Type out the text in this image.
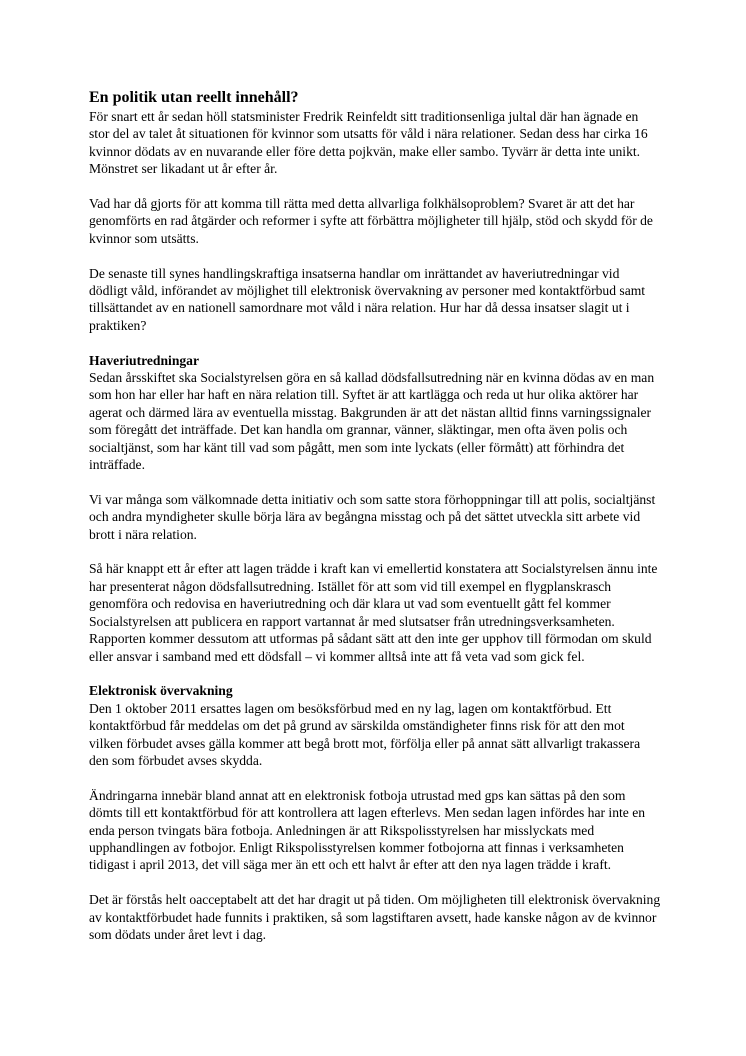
En politik utan reellt innehåll?

För snart ett år sedan höll statsminister Fredrik Reinfeldt sitt traditionsenliga jultal där han ägnade en stor del av talet åt situationen för kvinnor som utsatts för våld i nära relationer. Sedan dess har cirka 16 kvinnor dödats av en nuvarande eller före detta pojkvän, make eller sambo. Tyvärr är detta inte unikt. Mönstret ser likadant ut år efter år.

Vad har då gjorts för att komma till rätta med detta allvarliga folkhälsoproblem? Svaret är att det har genomförts en rad åtgärder och reformer i syfte att förbättra möjligheter till hjälp, stöd och skydd för de kvinnor som utsätts.

De senaste till synes handlingskraftiga insatserna handlar om inrättandet av haveriutredningar vid dödligt våld, införandet av möjlighet till elektronisk övervakning av personer med kontaktförbud samt tillsättandet av en nationell samordnare mot våld i nära relation. Hur har då dessa insatser slagit ut i praktiken?

Haveriutredningar

Sedan årsskiftet ska Socialstyrelsen göra en så kallad dödsfallsutredning när en kvinna dödas av en man som hon har eller har haft en nära relation till. Syftet är att kartlägga och reda ut hur olika aktörer har agerat och därmed lära av eventuella misstag. Bakgrunden är att det nästan alltid finns varningssignaler som föregått det inträffade. Det kan handla om grannar, vänner, släktingar, men ofta även polis och socialtjänst, som har känt till vad som pågått, men som inte lyckats (eller förmått) att förhindra det inträffade.

Vi var många som välkomnade detta initiativ och som satte stora förhoppningar till att polis, socialtjänst och andra myndigheter skulle börja lära av begångna misstag och på det sättet utveckla sitt arbete vid brott i nära relation.

Så här knappt ett år efter att lagen trädde i kraft kan vi emellertid konstatera att Socialstyrelsen ännu inte har presenterat någon dödsfallsutredning. Istället för att som vid till exempel en flygplanskrasch genomföra och redovisa en haveriutredning och där klara ut vad som eventuellt gått fel kommer Socialstyrelsen att publicera en rapport vartannat år med slutsatser från utredningsverksamheten. Rapporten kommer dessutom att utformas på sådant sätt att den inte ger upphov till förmodan om skuld eller ansvar i samband med ett dödsfall – vi kommer alltså inte att få veta vad som gick fel.

Elektronisk övervakning

Den 1 oktober 2011 ersattes lagen om besöksförbud med en ny lag, lagen om kontaktförbud. Ett kontaktförbud får meddelas om det på grund av särskilda omständigheter finns risk för att den mot vilken förbudet avses gälla kommer att begå brott mot, förfölja eller på annat sätt allvarligt trakassera den som förbudet avses skydda.

Ändringarna innebär bland annat att en elektronisk fotboja utrustad med gps kan sättas på den som dömts till ett kontaktförbud för att kontrollera att lagen efterlevs. Men sedan lagen infördes har inte en enda person tvingats bära fotboja. Anledningen är att Rikspolisstyrelsen har misslyckats med upphandlingen av fotbojor. Enligt Rikspolisstyrelsen kommer fotbojorna att finnas i verksamheten tidigast i april 2013, det vill säga mer än ett och ett halvt år efter att den nya lagen trädde i kraft.

Det är förstås helt oacceptabelt att det har dragit ut på tiden. Om möjligheten till elektronisk övervakning av kontaktförbudet hade funnits i praktiken, så som lagstiftaren avsett, hade kanske någon av de kvinnor som dödats under året levt i dag.
